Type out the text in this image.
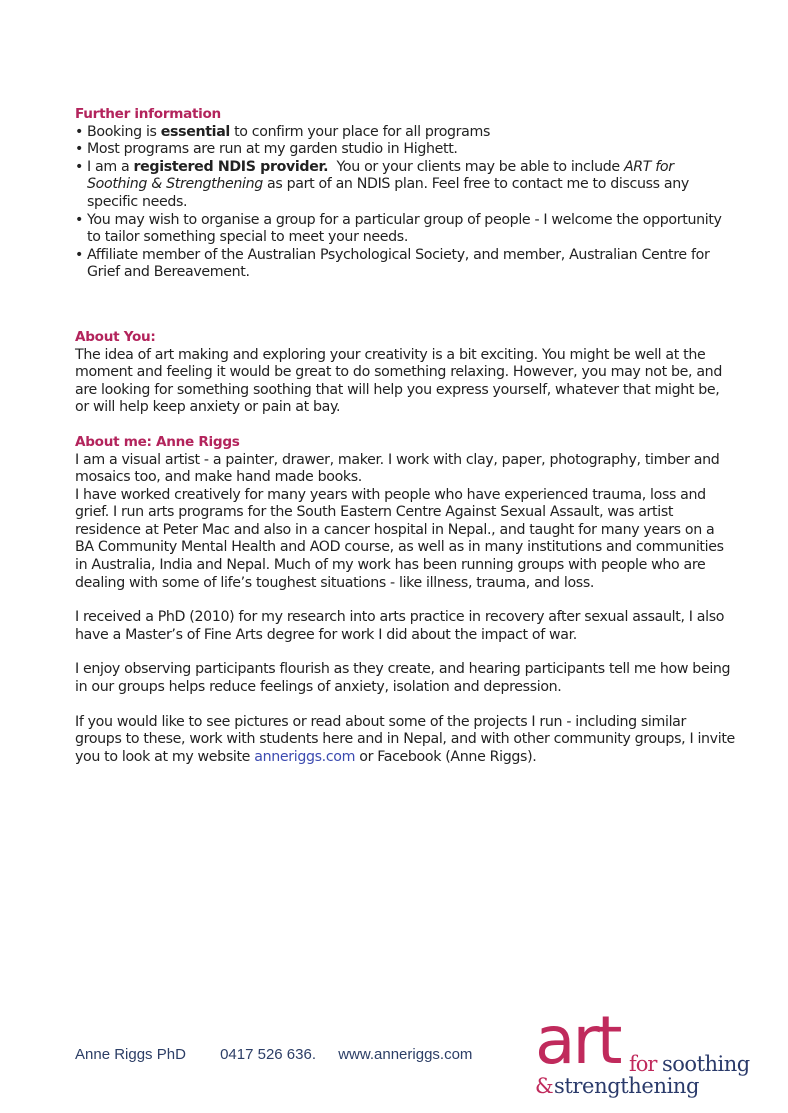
Further information
• Booking is essential to confirm your place for all programs
• Most programs are run at my garden studio in Highett.
• I am a registered NDIS provider.  You or your clients may be able to include ART for Soothing & Strengthening as part of an NDIS plan. Feel free to contact me to discuss any specific needs.
• You may wish to organise a group for a particular group of people - I welcome the opportunity to tailor something special to meet your needs.
• Affiliate member of the Australian Psychological Society, and member, Australian Centre for Grief and Bereavement.
About You:

The idea of art making and exploring your creativity is a bit exciting. You might be well at the moment and feeling it would be great to do something relaxing. However, you may not be, and are looking for something soothing that will help you express yourself, whatever that might be, or will help keep anxiety or pain at bay.

About me: Anne Riggs

I am a visual artist - a painter, drawer, maker. I work with clay, paper, photography, timber and mosaics too, and make hand made books.

I have worked creatively for many years with people who have experienced trauma, loss and grief. I run arts programs for the South Eastern Centre Against Sexual Assault, was artist residence at Peter Mac and also in a cancer hospital in Nepal., and taught for many years on a BA Community Mental Health and AOD course, as well as in many institutions and communities in Australia, India and Nepal. Much of my work has been running groups with people who are dealing with some of life’s toughest situations - like illness, trauma, and loss.

I received a PhD (2010) for my research into arts practice in recovery after sexual assault, I also have a Master’s of Fine Arts degree for work I did about the impact of war.

I enjoy observing participants flourish as they create, and hearing participants tell me how being in our groups helps reduce feelings of anxiety, isolation and depression.

If you would like to see pictures or read about some of the projects I run - including similar groups to these, work with students here and in Nepal, and with other community groups, I invite you to look at my website anneriggs.com or Facebook (Anne Riggs).

Anne Riggs PhD 0417 526 636. www.anneriggs.com art for soothing
& strengthening
